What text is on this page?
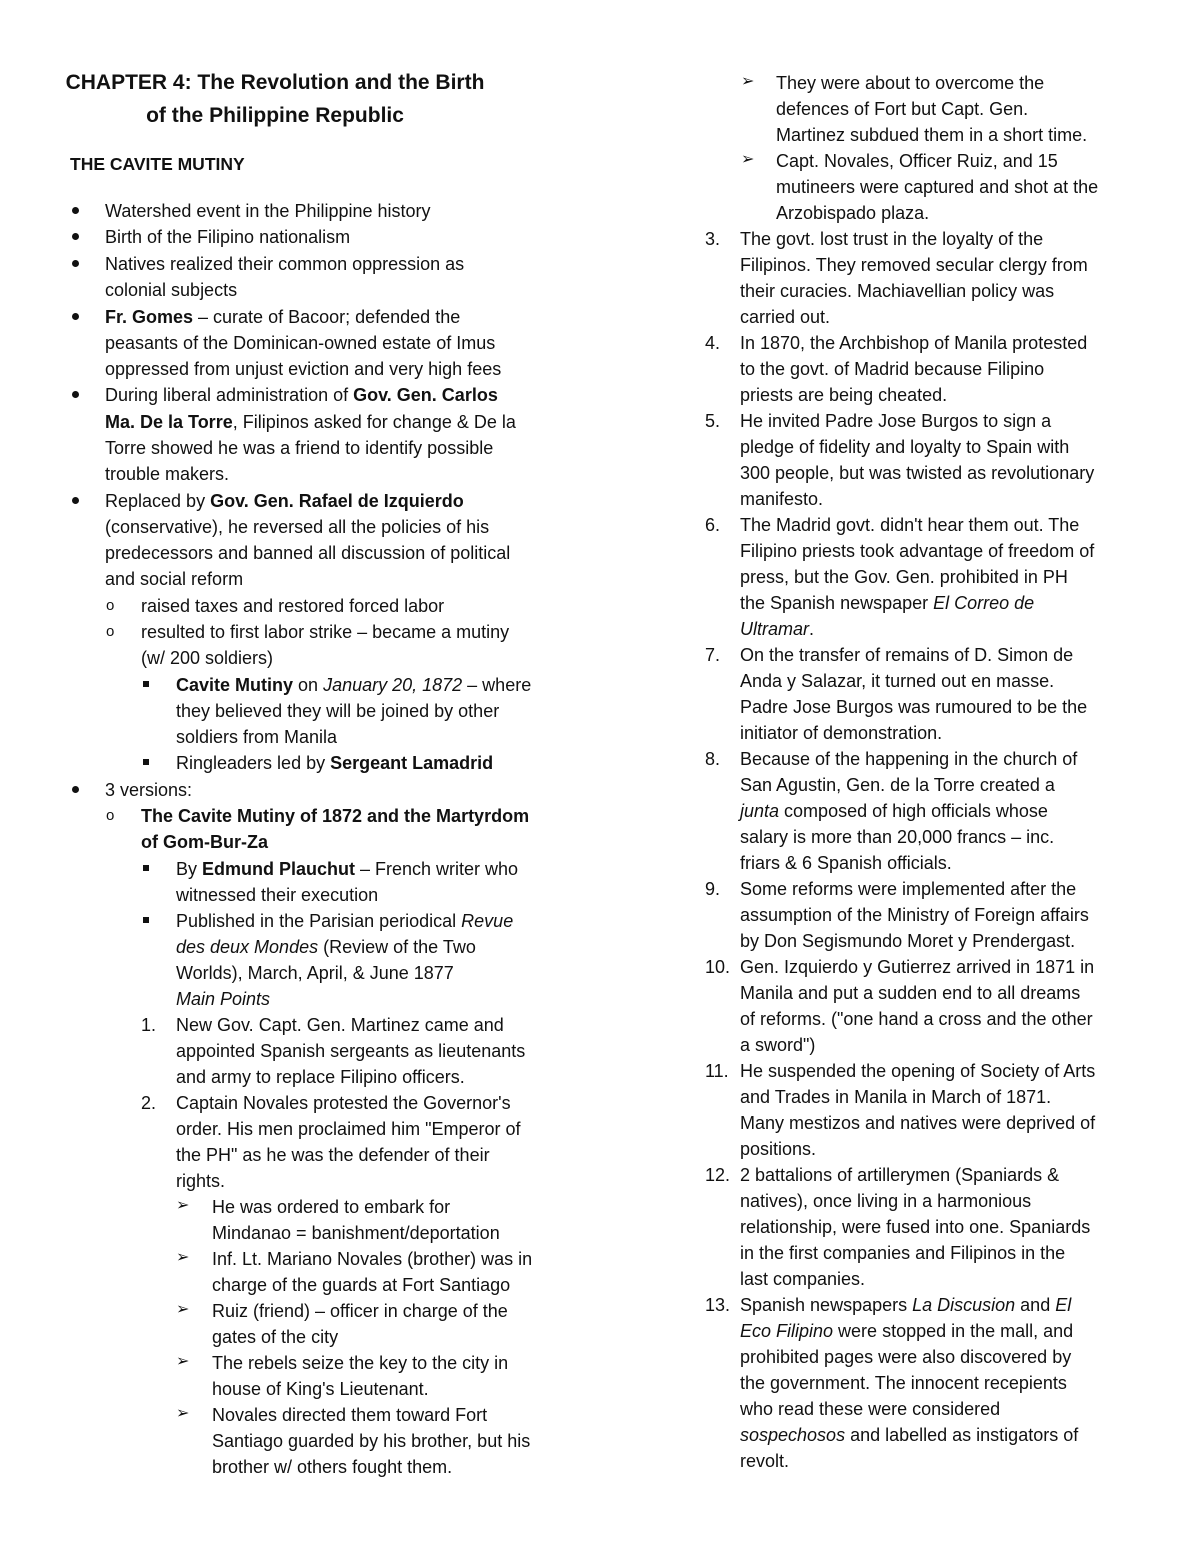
CHAPTER 4: The Revolution and the Birth
of the Philippine Republic
THE CAVITE MUTINY
Watershed event in the Philippine history
Birth of the Filipino nationalism
Natives realized their common oppression as
colonial subjects
Fr. Gomes – curate of Bacoor; defended the
peasants of the Dominican-owned estate of Imus
oppressed from unjust eviction and very high fees
During liberal administration of Gov. Gen. Carlos
Ma. De la Torre, Filipinos asked for change & De la
Torre showed he was a friend to identify possible
trouble makers.
Replaced by Gov. Gen. Rafael de Izquierdo
(conservative), he reversed all the policies of his
predecessors and banned all discussion of political
and social reform
o raised taxes and restored forced labor
o resulted to first labor strike – became a mutiny
(w/ 200 soldiers)
Cavite Mutiny on January 20, 1872 – where
they believed they will be joined by other
soldiers from Manila
Ringleaders led by Sergeant Lamadrid
3 versions:
o The Cavite Mutiny of 1872 and the Martyrdom
of Gom-Bur-Za
By Edmund Plauchut – French writer who
witnessed their execution
Published in the Parisian periodical Revue
des deux Mondes (Review of the Two
Worlds), March, April, & June 1877
Main Points
1. New Gov. Capt. Gen. Martinez came and
appointed Spanish sergeants as lieutenants
and army to replace Filipino officers.
2. Captain Novales protested the Governor's
order. His men proclaimed him "Emperor of
the PH" as he was the defender of their
rights.
➢ He was ordered to embark for
Mindanao = banishment/deportation
➢ Inf. Lt. Mariano Novales (brother) was in
charge of the guards at Fort Santiago
➢ Ruiz (friend) – officer in charge of the
gates of the city
➢ The rebels seize the key to the city in
house of King's Lieutenant.
➢ Novales directed them toward Fort
Santiago guarded by his brother, but his
brother w/ others fought them.
➢ They were about to overcome the
defences of Fort but Capt. Gen.
Martinez subdued them in a short time.
➢ Capt. Novales, Officer Ruiz, and 15
mutineers were captured and shot at the
Arzobispado plaza.
3. The govt. lost trust in the loyalty of the
Filipinos. They removed secular clergy from
their curacies. Machiavellian policy was
carried out.
4. In 1870, the Archbishop of Manila protested
to the govt. of Madrid because Filipino
priests are being cheated.
5. He invited Padre Jose Burgos to sign a
pledge of fidelity and loyalty to Spain with
300 people, but was twisted as revolutionary
manifesto.
6. The Madrid govt. didn't hear them out. The
Filipino priests took advantage of freedom of
press, but the Gov. Gen. prohibited in PH
the Spanish newspaper El Correo de
Ultramar.
7. On the transfer of remains of D. Simon de
Anda y Salazar, it turned out en masse.
Padre Jose Burgos was rumoured to be the
initiator of demonstration.
8. Because of the happening in the church of
San Agustin, Gen. de la Torre created a
junta composed of high officials whose
salary is more than 20,000 francs – inc.
friars & 6 Spanish officials.
9. Some reforms were implemented after the
assumption of the Ministry of Foreign affairs
by Don Segismundo Moret y Prendergast.
10. Gen. Izquierdo y Gutierrez arrived in 1871 in
Manila and put a sudden end to all dreams
of reforms. ("one hand a cross and the other
a sword")
11. He suspended the opening of Society of Arts
and Trades in Manila in March of 1871.
Many mestizos and natives were deprived of
positions.
12. 2 battalions of artillerymen (Spaniards &
natives), once living in a harmonious
relationship, were fused into one. Spaniards
in the first companies and Filipinos in the
last companies.
13. Spanish newspapers La Discusion and El
Eco Filipino were stopped in the mall, and
prohibited pages were also discovered by
the government. The innocent recepients
who read these were considered
sospechosos and labelled as instigators of
revolt.
